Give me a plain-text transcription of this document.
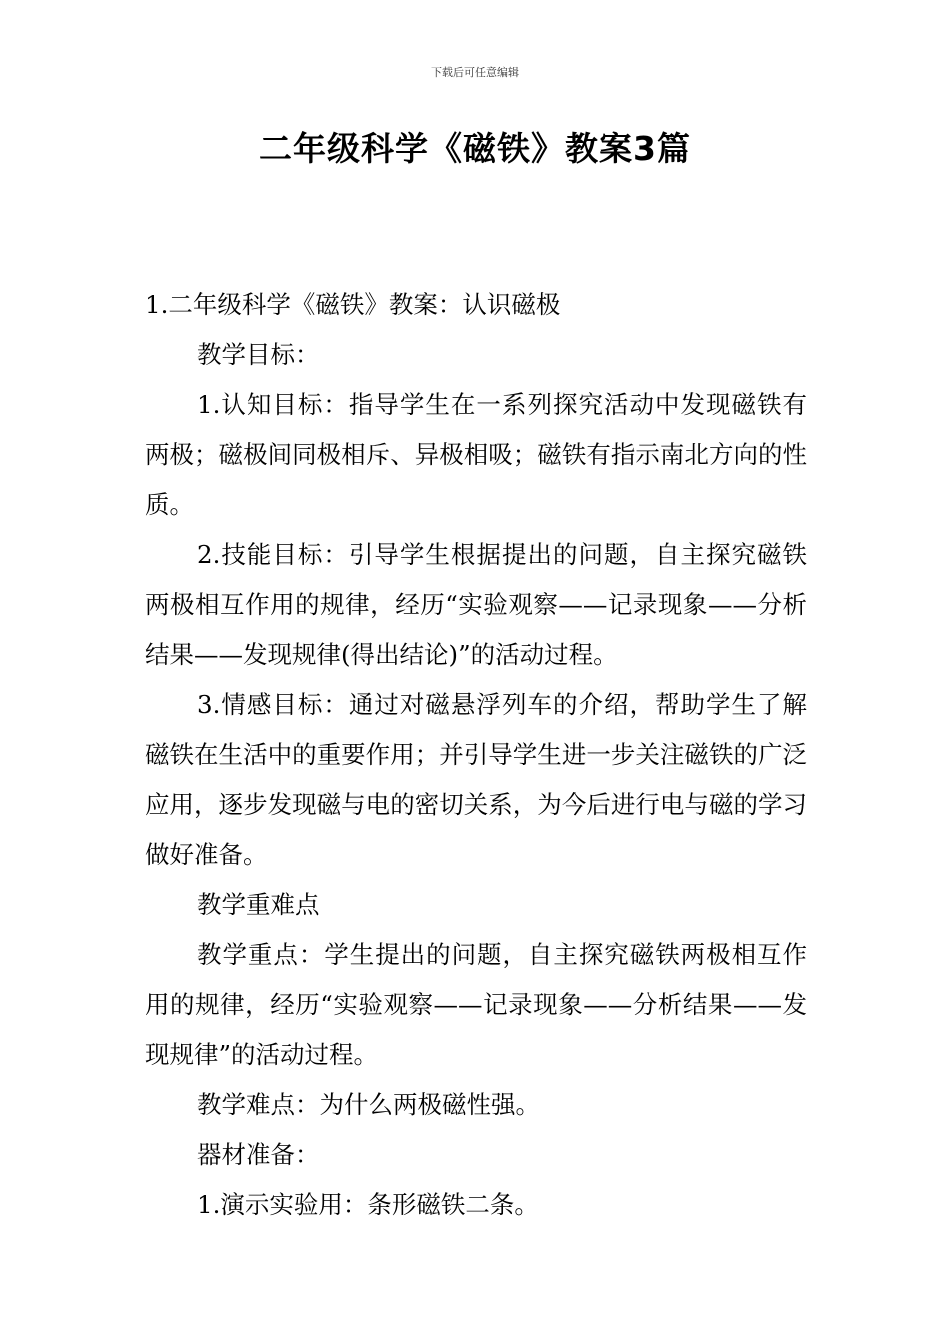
下载后可任意编辑
二年级科学《磁铁》教案3篇

1.二年级科学《磁铁》教案：认识磁极

教学目标：

1.认知目标：指导学生在一系列探究活动中发现磁铁有两极；磁极间同极相斥、异极相吸；磁铁有指示南北方向的性质。

2.技能目标：引导学生根据提出的问题，自主探究磁铁两极相互作用的规律，经历“实验观察——记录现象——分析结果——发现规律(得出结论)”的活动过程。

3.情感目标：通过对磁悬浮列车的介绍，帮助学生了解磁铁在生活中的重要作用；并引导学生进一步关注磁铁的广泛应用，逐步发现磁与电的密切关系，为今后进行电与磁的学习做好准备。

教学重难点

教学重点：学生提出的问题，自主探究磁铁两极相互作用的规律，经历“实验观察——记录现象——分析结果——发现规律”的活动过程。

教学难点：为什么两极磁性强。

器材准备：

1.演示实验用：条形磁铁二条。
